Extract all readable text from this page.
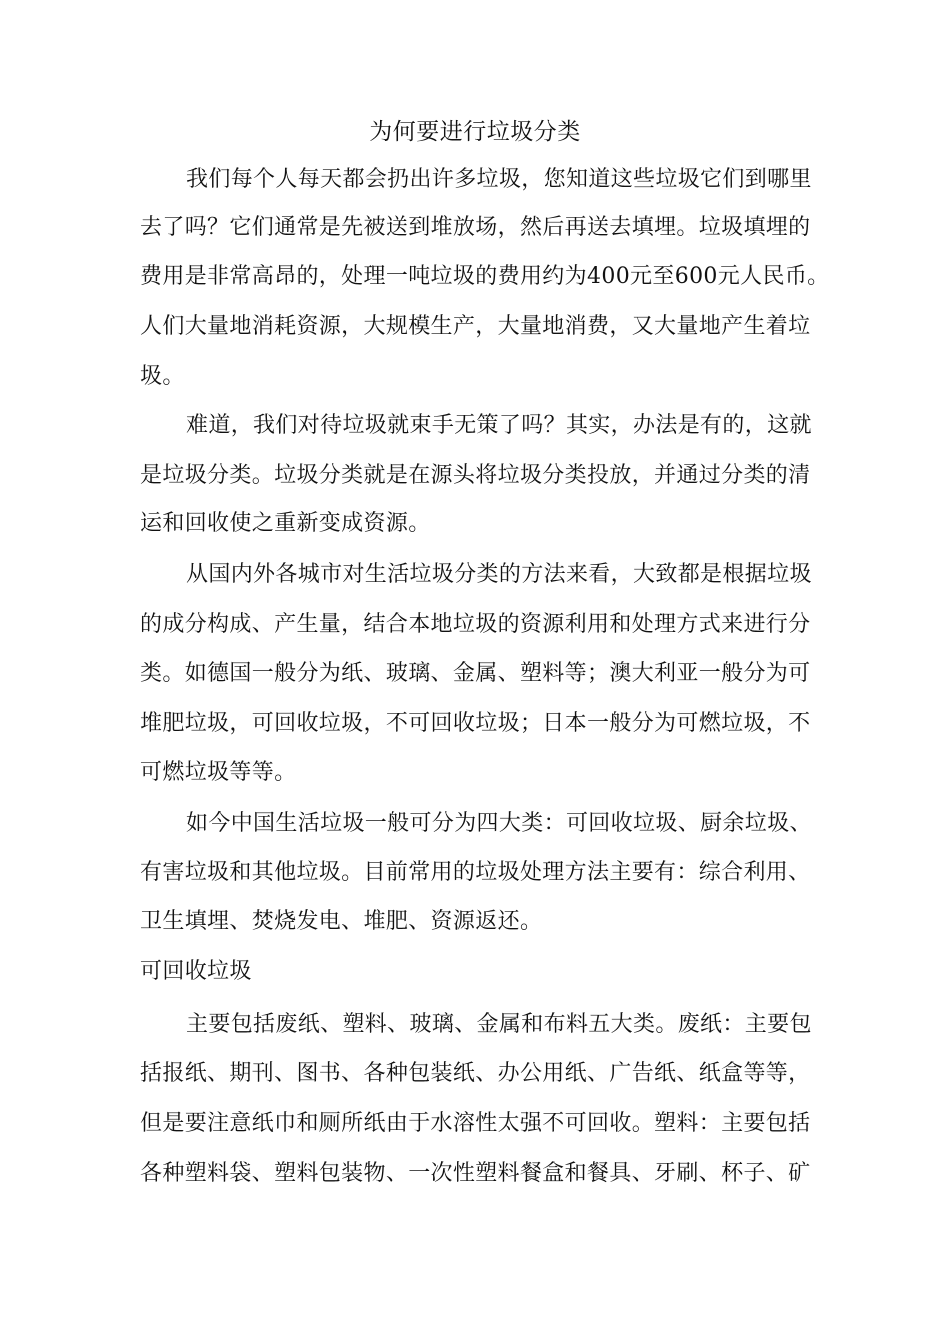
为何要进行垃圾分类
我们每个人每天都会扔出许多垃圾，您知道这些垃圾它们到哪里
去了吗？它们通常是先被送到堆放场，然后再送去填埋。垃圾填埋的
费用是非常高昂的，处理一吨垃圾的费用约为400元至600元人民币。
人们大量地消耗资源，大规模生产，大量地消费，又大量地产生着垃
圾。
难道，我们对待垃圾就束手无策了吗？其实，办法是有的，这就
是垃圾分类。垃圾分类就是在源头将垃圾分类投放，并通过分类的清
运和回收使之重新变成资源。
从国内外各城市对生活垃圾分类的方法来看，大致都是根据垃圾
的成分构成、产生量，结合本地垃圾的资源利用和处理方式来进行分
类。如德国一般分为纸、玻璃、金属、塑料等；澳大利亚一般分为可
堆肥垃圾，可回收垃圾，不可回收垃圾；日本一般分为可燃垃圾，不
可燃垃圾等等。
如今中国生活垃圾一般可分为四大类：可回收垃圾、厨余垃圾、
有害垃圾和其他垃圾。目前常用的垃圾处理方法主要有：综合利用、
卫生填埋、焚烧发电、堆肥、资源返还。
可回收垃圾
主要包括废纸、塑料、玻璃、金属和布料五大类。废纸：主要包
括报纸、期刊、图书、各种包装纸、办公用纸、广告纸、纸盒等等，
但是要注意纸巾和厕所纸由于水溶性太强不可回收。塑料：主要包括
各种塑料袋、塑料包装物、一次性塑料餐盒和餐具、牙刷、杯子、矿
